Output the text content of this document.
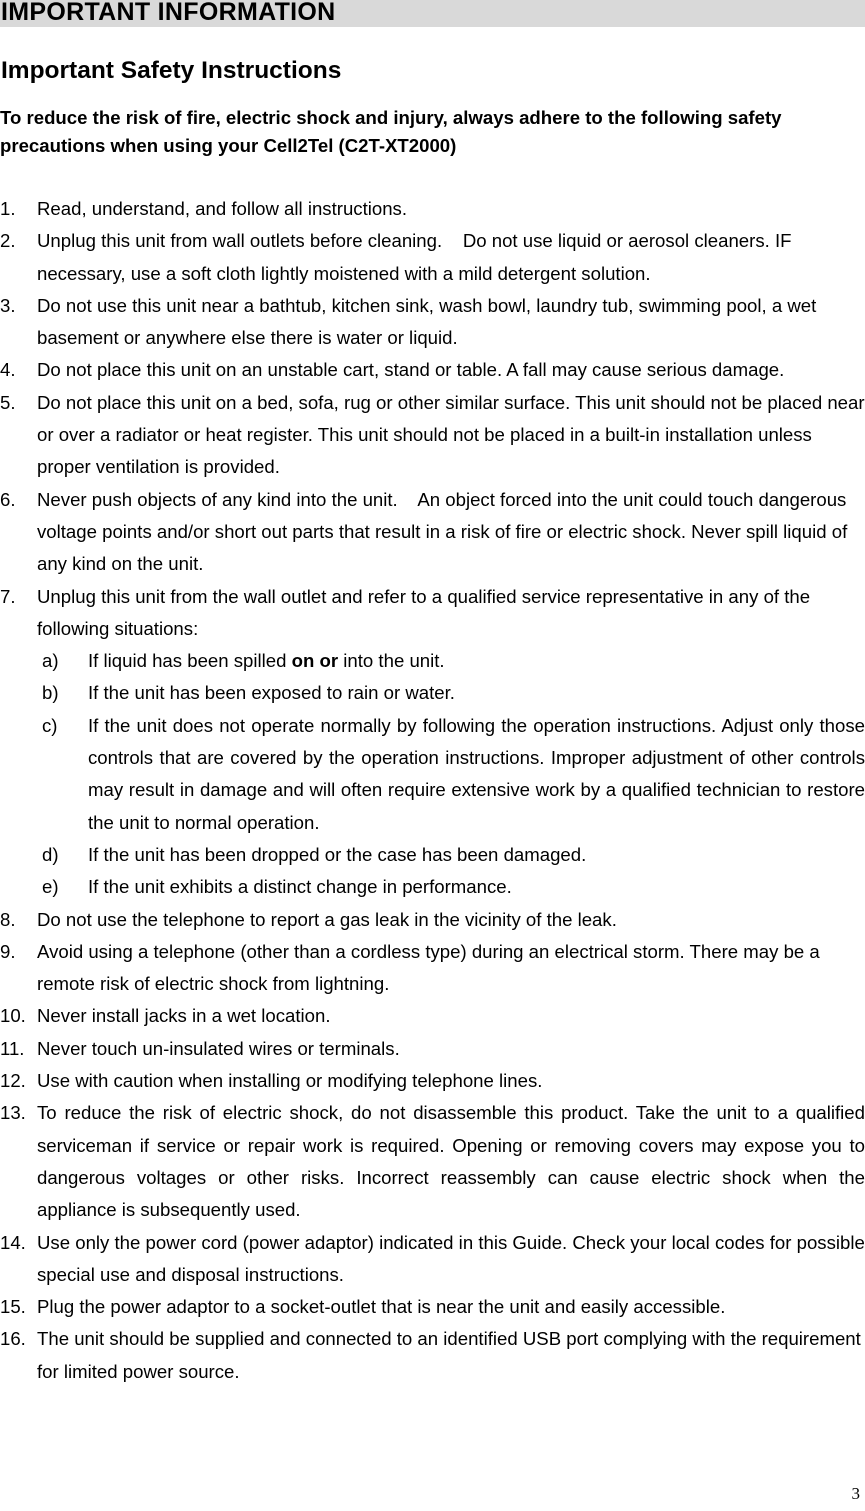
IMPORTANT INFORMATION
Important Safety Instructions
To reduce the risk of fire, electric shock and injury, always adhere to the following safety precautions when using your Cell2Tel (C2T-XT2000)
1.	Read, understand, and follow all instructions.
2.	Unplug this unit from wall outlets before cleaning.    Do not use liquid or aerosol cleaners. IF necessary, use a soft cloth lightly moistened with a mild detergent solution.
3.	Do not use this unit near a bathtub, kitchen sink, wash bowl, laundry tub, swimming pool, a wet basement or anywhere else there is water or liquid.
4.	Do not place this unit on an unstable cart, stand or table. A fall may cause serious damage.
5.	Do not place this unit on a bed, sofa, rug or other similar surface. This unit should not be placed near or over a radiator or heat register. This unit should not be placed in a built-in installation unless proper ventilation is provided.
6.	Never push objects of any kind into the unit.    An object forced into the unit could touch dangerous voltage points and/or short out parts that result in a risk of fire or electric shock. Never spill liquid of any kind on the unit.
7.	Unplug this unit from the wall outlet and refer to a qualified service representative in any of the following situations:
a)	If liquid has been spilled on or into the unit.
b)	If the unit has been exposed to rain or water.
c)	If the unit does not operate normally by following the operation instructions. Adjust only those controls that are covered by the operation instructions. Improper adjustment of other controls may result in damage and will often require extensive work by a qualified technician to restore the unit to normal operation.
d)	If the unit has been dropped or the case has been damaged.
e)	If the unit exhibits a distinct change in performance.
8.	Do not use the telephone to report a gas leak in the vicinity of the leak.
9.	Avoid using a telephone (other than a cordless type) during an electrical storm. There may be a remote risk of electric shock from lightning.
10. Never install jacks in a wet location.
11. Never touch un-insulated wires or terminals.
12. Use with caution when installing or modifying telephone lines.
13. To reduce the risk of electric shock, do not disassemble this product. Take the unit to a qualified serviceman if service or repair work is required. Opening or removing covers may expose you to dangerous voltages or other risks. Incorrect reassembly can cause electric shock when the appliance is subsequently used.
14. Use only the power cord (power adaptor) indicated in this Guide. Check your local codes for possible special use and disposal instructions.
15. Plug the power adaptor to a socket-outlet that is near the unit and easily accessible.
16. The unit should be supplied and connected to an identified USB port complying with the requirement for limited power source.
3
